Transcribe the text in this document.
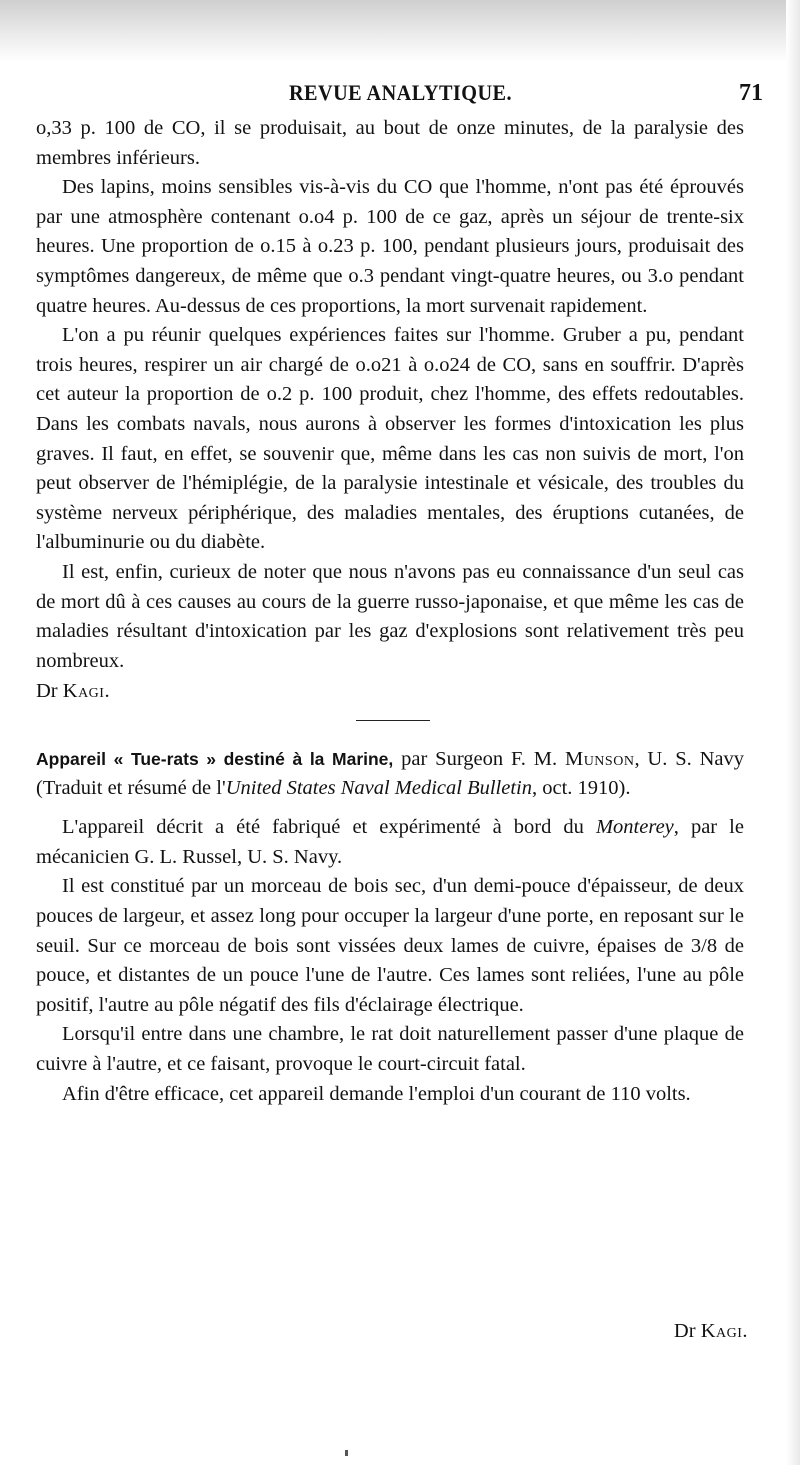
REVUE ANALYTIQUE.	71

o,33 p. 100 de CO, il se produisait, au bout de onze minutes, de la paralysie des membres inférieurs.

Des lapins, moins sensibles vis-à-vis du CO que l'homme, n'ont pas été éprouvés par une atmosphère contenant o.o4 p. 100 de ce gaz, après un séjour de trente-six heures. Une proportion de o.15 à o.23 p. 100, pendant plusieurs jours, produisait des symptômes dangereux, de même que o.3 pendant vingt-quatre heures, ou 3.o pendant quatre heures. Au-dessus de ces proportions, la mort survenait rapidement.

L'on a pu réunir quelques expériences faites sur l'homme. Gruber a pu, pendant trois heures, respirer un air chargé de o.o21 à o.o24 de CO, sans en souffrir. D'après cet auteur la proportion de o.2 p. 100 produit, chez l'homme, des effets redoutables. Dans les combats navals, nous aurons à observer les formes d'intoxication les plus graves. Il faut, en effet, se souvenir que, même dans les cas non suivis de mort, l'on peut observer de l'hémiplégie, de la paralysie intestinale et vésicale, des troubles du système nerveux périphérique, des maladies mentales, des éruptions cutanées, de l'albuminurie ou du diabète.

Il est, enfin, curieux de noter que nous n'avons pas eu connaissance d'un seul cas de mort dû à ces causes au cours de la guerre russo-japonaise, et que même les cas de maladies résultant d'intoxication par les gaz d'explosions sont relativement très peu nombreux.

Dr Kagi.

Appareil « Tue-rats » destiné à la Marine, par Surgeon F. M. Munson, U. S. Navy (Traduit et résumé de l'United States Naval Medical Bulletin, oct. 1910).

L'appareil décrit a été fabriqué et expérimenté à bord du Monterey, par le mécanicien G. L. Russel, U. S. Navy.

Il est constitué par un morceau de bois sec, d'un demi-pouce d'épaisseur, de deux pouces de largeur, et assez long pour occuper la largeur d'une porte, en reposant sur le seuil. Sur ce morceau de bois sont vissées deux lames de cuivre, épaises de 3/8 de pouce, et distantes de un pouce l'une de l'autre. Ces lames sont reliées, l'une au pôle positif, l'autre au pôle négatif des fils d'éclairage électrique.

Lorsqu'il entre dans une chambre, le rat doit naturellement passer d'une plaque de cuivre à l'autre, et ce faisant, provoque le court-circuit fatal.

Afin d'être efficace, cet appareil demande l'emploi d'un courant de 110 volts.

Dr Kagi.
